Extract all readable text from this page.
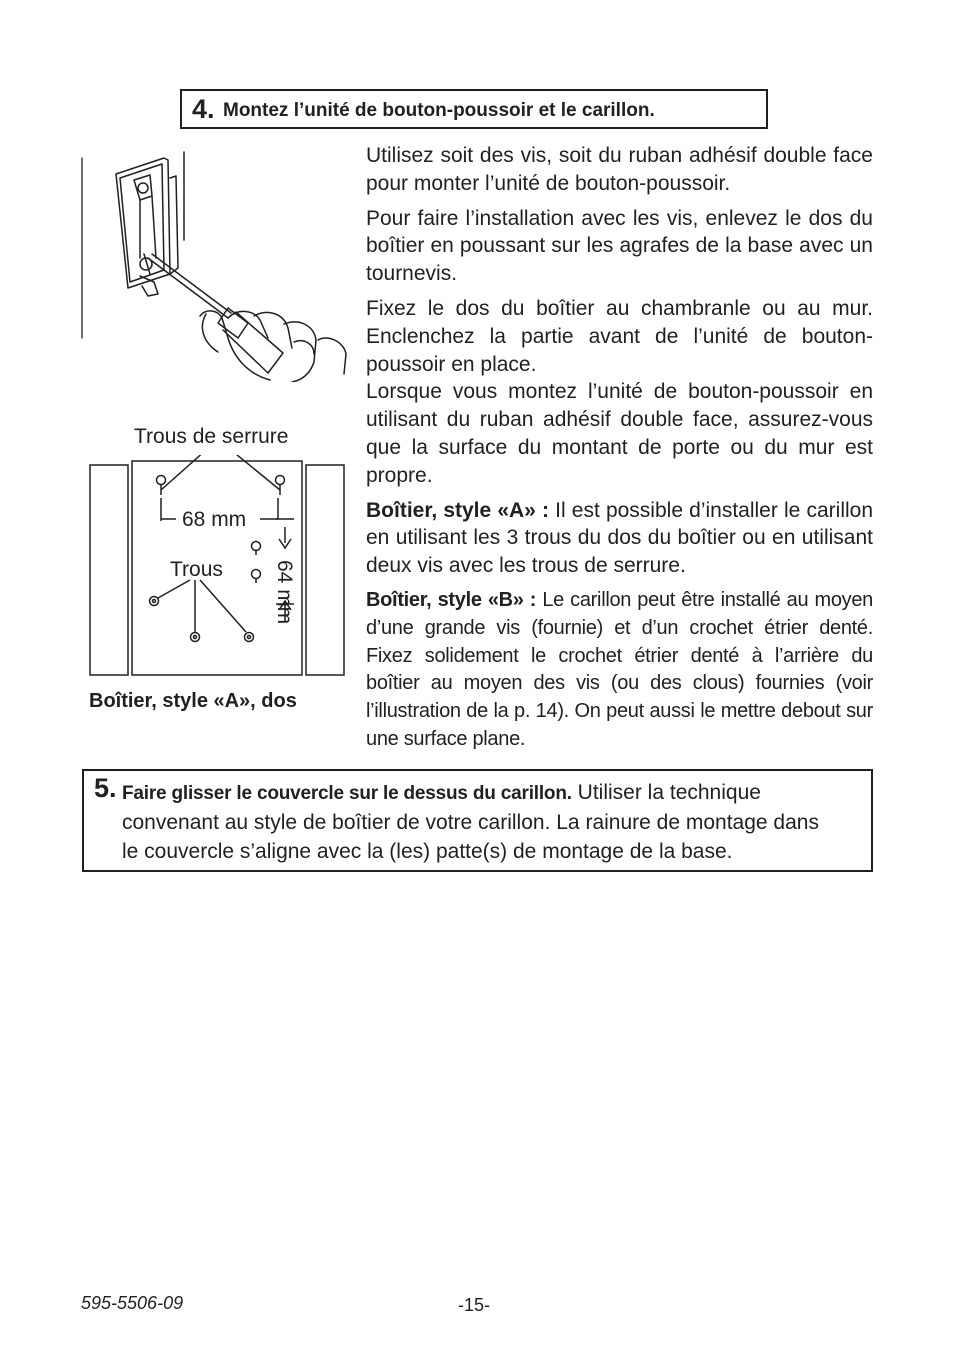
4. Montez l’unité de bouton-poussoir et le carillon.

Utilisez soit des vis, soit du ruban adhésif double face pour monter l’unité de bouton-poussoir.

Pour faire l’installation avec les vis, enlevez le dos du boîtier en poussant sur les agrafes de la base avec un tournevis.

Fixez le dos du boîtier au chambranle ou au mur. Enclenchez la partie avant de l’unité de bouton-poussoir en place.

Lorsque vous montez l’unité de bouton-poussoir en utilisant du ruban adhésif double face, assurez-vous que la surface du montant de porte ou du mur est propre.

Boîtier, style «A» : Il est possible d’installer le carillon en utilisant les 3 trous du dos du boîtier ou en utilisant deux vis avec les trous de serrure.

Boîtier, style «B» : Le carillon peut être installé au moyen d’une grande vis (fournie) et d’un crochet étrier denté. Fixez solidement le crochet étrier denté à l’arrière du boîtier au moyen des vis (ou des clous) fournies (voir l’illustration de la p. 14). On peut aussi le mettre debout sur une surface plane.

Trous de serrure
68 mm
Trous 64 mm
Boîtier, style «A», dos
5. Faire glisser le couvercle sur le dessus du carillon. Utiliser la technique
convenant au style de boîtier de votre carillon. La rainure de montage dans
le couvercle s’aligne avec la (les) patte(s) de montage de la base.
595-5506-09	-15-
